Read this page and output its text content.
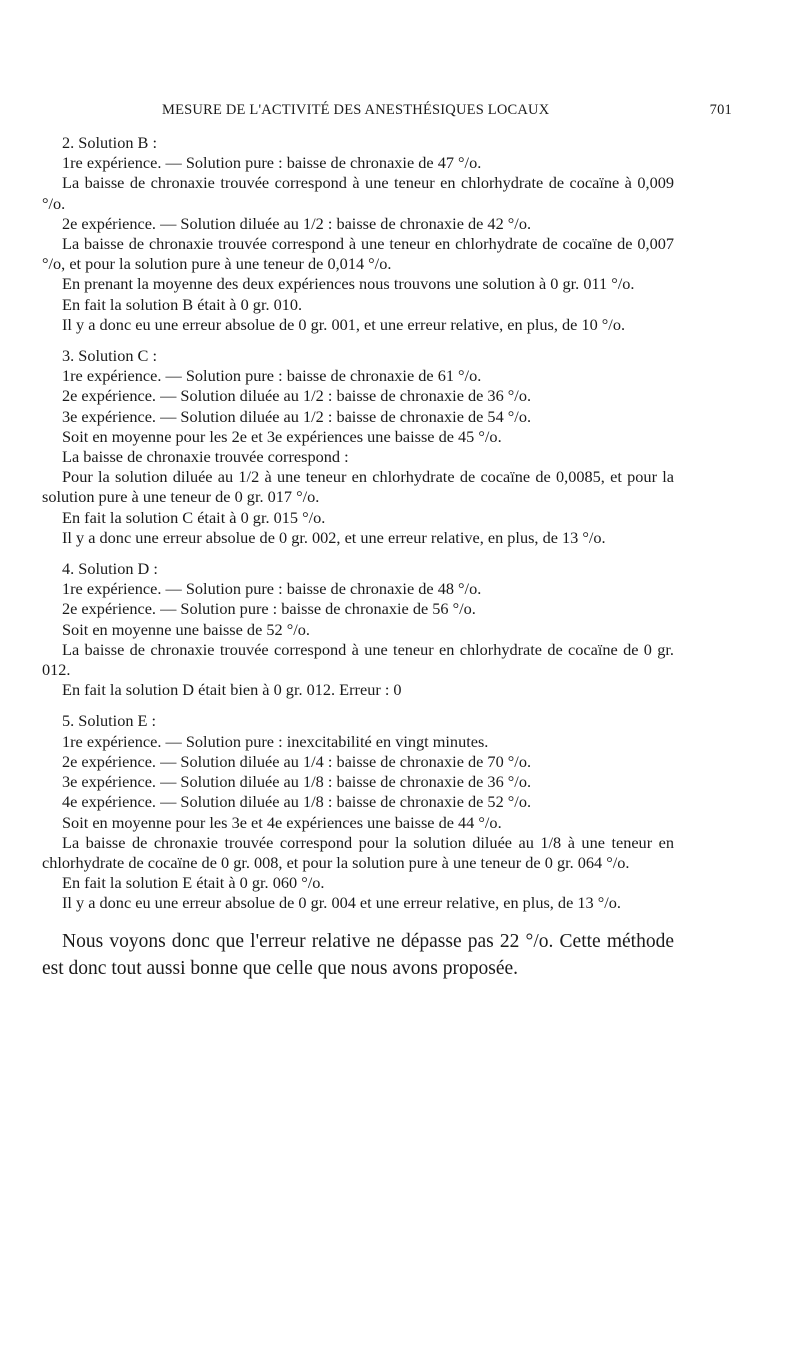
MESURE DE L'ACTIVITÉ DES ANESTHÉSIQUES LOCAUX	701

2. Solution B :

1re expérience. — Solution pure : baisse de chronaxie de 47 °/o.

La baisse de chronaxie trouvée correspond à une teneur en chlorhydrate de cocaïne à 0,009 °/o.

2e expérience. — Solution diluée au 1/2 : baisse de chronaxie de 42 °/o.

La baisse de chronaxie trouvée correspond à une teneur en chlorhydrate de cocaïne de 0,007 °/o, et pour la solution pure à une teneur de 0,014 °/o.

En prenant la moyenne des deux expériences nous trouvons une solution à 0 gr. 011 °/o.

En fait la solution B était à 0 gr. 010.

Il y a donc eu une erreur absolue de 0 gr. 001, et une erreur relative, en plus, de 10 °/o.

3. Solution C :

1re expérience. — Solution pure : baisse de chronaxie de 61 °/o.

2e expérience. — Solution diluée au 1/2 : baisse de chronaxie de 36 °/o.

3e expérience. — Solution diluée au 1/2 : baisse de chronaxie de 54 °/o.

Soit en moyenne pour les 2e et 3e expériences une baisse de 45 °/o.

La baisse de chronaxie trouvée correspond :

Pour la solution diluée au 1/2 à une teneur en chlorhydrate de cocaïne de 0,0085, et pour la solution pure à une teneur de 0 gr. 017 °/o.

En fait la solution C était à 0 gr. 015 °/o.

Il y a donc une erreur absolue de 0 gr. 002, et une erreur relative, en plus, de 13 °/o.

4. Solution D :

1re expérience. — Solution pure : baisse de chronaxie de 48 °/o.

2e expérience. — Solution pure : baisse de chronaxie de 56 °/o.

Soit en moyenne une baisse de 52 °/o.

La baisse de chronaxie trouvée correspond à une teneur en chlorhydrate de cocaïne de 0 gr. 012.

En fait la solution D était bien à 0 gr. 012. Erreur : 0

5. Solution E :

1re expérience. — Solution pure : inexcitabilité en vingt minutes.

2e expérience. — Solution diluée au 1/4 : baisse de chronaxie de 70 °/o.

3e expérience. — Solution diluée au 1/8 : baisse de chronaxie de 36 °/o.

4e expérience. — Solution diluée au 1/8 : baisse de chronaxie de 52 °/o.

Soit en moyenne pour les 3e et 4e expériences une baisse de 44 °/o.

La baisse de chronaxie trouvée correspond pour la solution diluée au 1/8 à une teneur en chlorhydrate de cocaïne de 0 gr. 008, et pour la solution pure à une teneur de 0 gr. 064 °/o.

En fait la solution E était à 0 gr. 060 °/o.

Il y a donc eu une erreur absolue de 0 gr. 004 et une erreur relative, en plus, de 13 °/o.

Nous voyons donc que l'erreur relative ne dépasse pas 22 °/o. Cette méthode est donc tout aussi bonne que celle que nous avons proposée.
